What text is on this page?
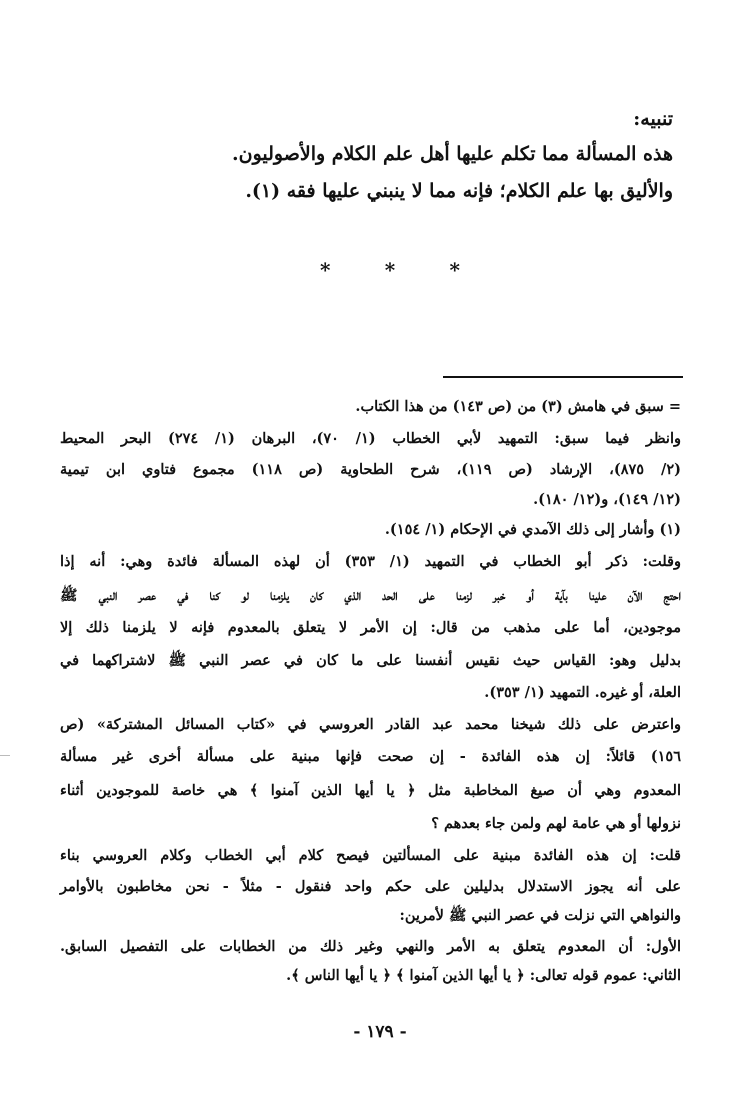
تنبيه:
هذه المسألة مما تكلم عليها أهل علم الكلام والأصوليون.
والأليق بها علم الكلام؛ فإنه مما لا ينبني عليها فقه (١).
*	*	*
= سبق في هامش (٣) من (ص ١٤٣) من هذا الكتاب.
وانظر فيما سبق: التمهيد لأبي الخطاب (١/ ٧٠)، البرهان (١/ ٢٧٤) البحر المحيط
(٢/ ٨٧٥)، الإرشاد (ص ١١٩)، شرح الطحاوية (ص ١١٨) مجموع فتاوي ابن تيمية
(١٢/ ١٤٩)، و(١٢/ ١٨٠).
(١) وأشار إلى ذلك الآمدي في الإحكام (١/ ١٥٤).
وقلت: ذكر أبو الخطاب في التمهيد (١/ ٣٥٣) أن لهذه المسألة فائدة وهي: أنه إذا
احتج الآن علينا بآية أو خبر لزمنا على الحد الذي كان يلزمنا لو كنا في عصر النبي ﷺ
موجودين، أما على مذهب من قال: إن الأمر لا يتعلق بالمعدوم فإنه لا يلزمنا ذلك إلا
بدليل وهو: القياس حيث نقيس أنفسنا على ما كان في عصر النبي ﷺ لاشتراكهما في
العلة، أو غيره. التمهيد (١/ ٣٥٣).
واعترض على ذلك شيخنا محمد عبد القادر العروسي في «كتاب المسائل المشتركة» (ص
١٥٦) قائلاً: إن هذه الفائدة - إن صحت فإنها مبنية على مسألة أخرى غير مسألة
المعدوم وهي أن صيغ المخاطبة مثل ﴿ يا أيها الذين آمنوا ﴾ هي خاصة للموجودين أثناء
نزولها أو هي عامة لهم ولمن جاء بعدهم ؟
قلت: إن هذه الفائدة مبنية على المسألتين فيصح كلام أبي الخطاب وكلام العروسي بناء
على أنه يجوز الاستدلال بدليلين على حكم واحد فنقول - مثلاً - نحن مخاطبون بالأوامر
والنواهي التي نزلت في عصر النبي ﷺ لأمرين:
الأول: أن المعدوم يتعلق به الأمر والنهي وغير ذلك من الخطابات على التفصيل السابق.
الثاني: عموم قوله تعالى: ﴿ يا أيها الذين آمنوا ﴾ ﴿ يا أيها الناس ﴾.
- ١٧٩ -
